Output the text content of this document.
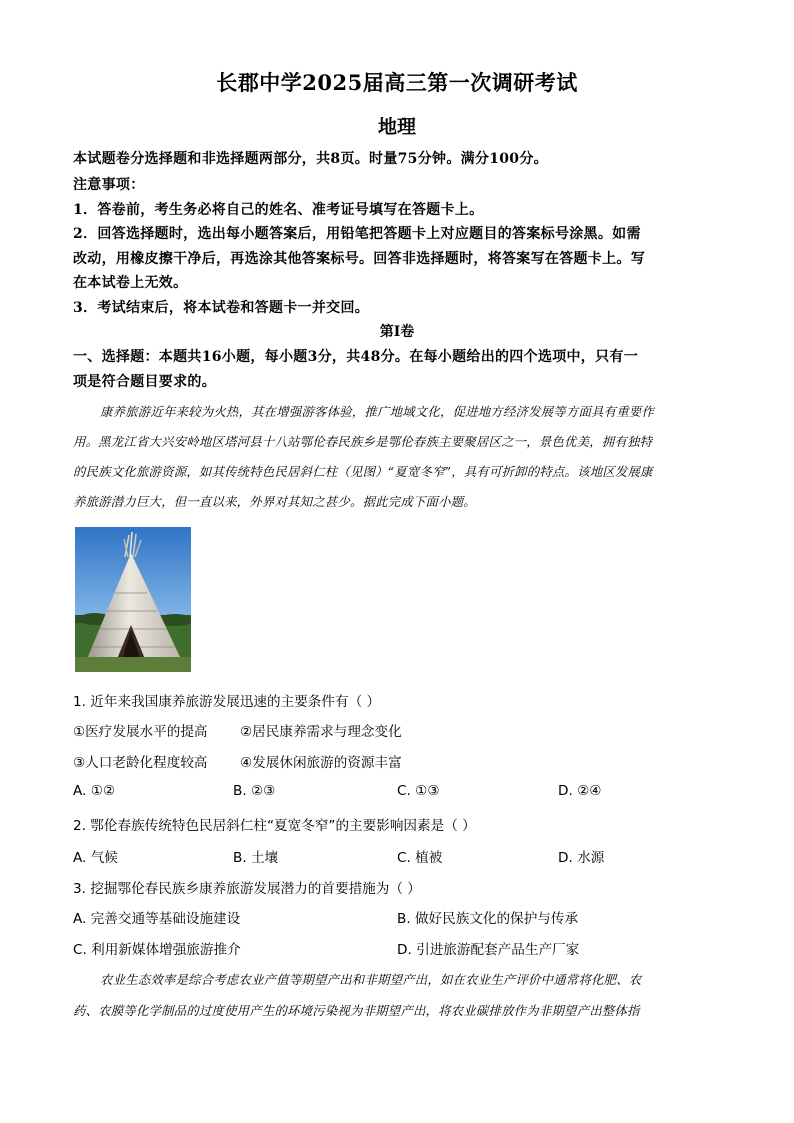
长郡中学2025届高三第一次调研考试
地理
本试题卷分选择题和非选择题两部分，共8页。时量75分钟。满分100分。
注意事项：
1．答卷前，考生务必将自己的姓名、准考证号填写在答题卡上。
2．回答选择题时，选出每小题答案后，用铅笔把答题卡上对应题目的答案标号涂黑。如需
改动，用橡皮擦干净后，再选涂其他答案标号。回答非选择题时，将答案写在答题卡上。写
在本试卷上无效。
3．考试结束后，将本试卷和答题卡一并交回。
第Ⅰ卷
一、选择题：本题共16小题，每小题3分，共48分。在每小题给出的四个选项中，只有一
项是符合题目要求的。
康养旅游近年来较为火热，其在增强游客体验，推广地域文化，促进地方经济发展等方面具有重要作
用。黑龙江省大兴安岭地区塔河县十八站鄂伦春民族乡是鄂伦春族主要聚居区之一，景色优美，拥有独特
的民族文化旅游资源，如其传统特色民居斜仁柱（见图）“夏宽冬窄”，具有可折卸的特点。该地区发展康
养旅游潜力巨大，但一直以来，外界对其知之甚少。据此完成下面小题。
1. 近年来我国康养旅游发展迅速的主要条件有（ ）
①医疗发展水平的提高 ②居民康养需求与理念变化
③人口老龄化程度较高 ④发展休闲旅游的资源丰富
A. ①②	B. ②③	C. ①③	D. ②④
2. 鄂伦春族传统特色民居斜仁柱“夏宽冬窄”的主要影响因素是（ ）
A. 气候	B. 土壤	C. 植被	D. 水源
3. 挖掘鄂伦春民族乡康养旅游发展潜力的首要措施为（ ）
A. 完善交通等基础设施建设	B. 做好民族文化的保护与传承
C. 利用新媒体增强旅游推介	D. 引进旅游配套产品生产厂家
农业生态效率是综合考虑农业产值等期望产出和非期望产出，如在农业生产评价中通常将化肥、农
药、农膜等化学制品的过度使用产生的环境污染视为非期望产出，将农业碳排放作为非期望产出整体指
